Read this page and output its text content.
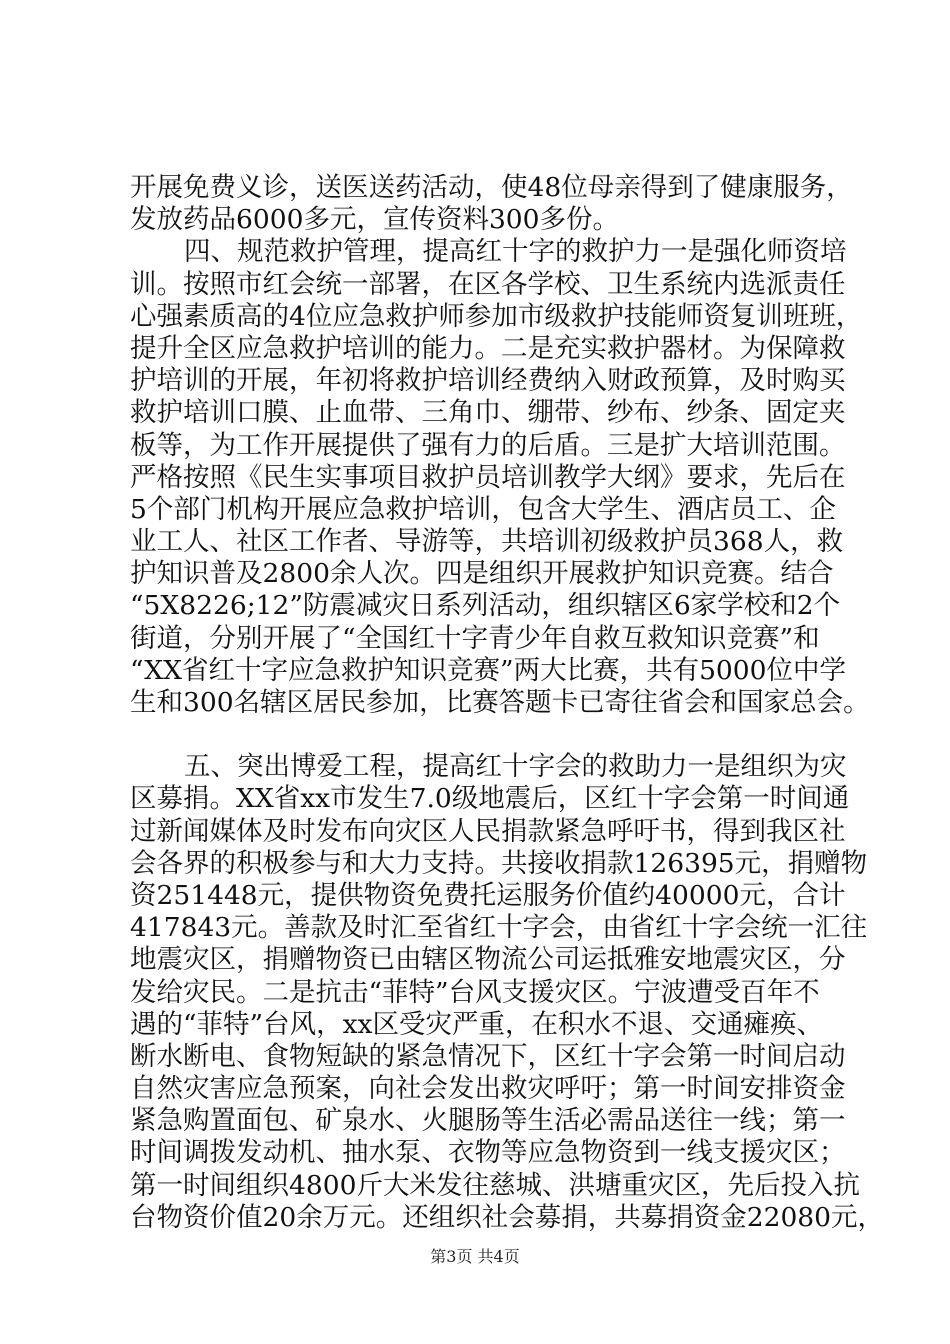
开展免费义诊，送医送药活动，使48位母亲得到了健康服务，
发放药品6000多元，宣传资料300多份。
四、规范救护管理，提高红十字的救护力一是强化师资培
训。按照市红会统一部署，在区各学校、卫生系统内选派责任
心强素质高的4位应急救护师参加市级救护技能师资复训班班，
提升全区应急救护培训的能力。二是充实救护器材。为保障救
护培训的开展，年初将救护培训经费纳入财政预算，及时购买
救护培训口膜、止血带、三角巾、绷带、纱布、纱条、固定夹
板等，为工作开展提供了强有力的后盾。三是扩大培训范围。
严格按照《民生实事项目救护员培训教学大纲》要求，先后在
5个部门机构开展应急救护培训，包含大学生、酒店员工、企
业工人、社区工作者、导游等，共培训初级救护员368人，救
护知识普及2800余人次。四是组织开展救护知识竞赛。结合
“5X8226;12”防震减灾日系列活动，组织辖区6家学校和2个
街道，分别开展了“全国红十字青少年自救互救知识竞赛”和
“XX省红十字应急救护知识竞赛”两大比赛，共有5000位中学
生和300名辖区居民参加，比赛答题卡已寄往省会和国家总会。
五、突出博爱工程，提高红十字会的救助力一是组织为灾
区募捐。XX省xx市发生7.0级地震后，区红十字会第一时间通
过新闻媒体及时发布向灾区人民捐款紧急呼吁书，得到我区社
会各界的积极参与和大力支持。共接收捐款126395元，捐赠物
资251448元，提供物资免费托运服务价值约40000元，合计
417843元。善款及时汇至省红十字会，由省红十字会统一汇往
地震灾区，捐赠物资已由辖区物流公司运抵雅安地震灾区，分
发给灾民。二是抗击“菲特”台风支援灾区。宁波遭受百年不
遇的“菲特”台风，xx区受灾严重，在积水不退、交通瘫痪、
断水断电、食物短缺的紧急情况下，区红十字会第一时间启动
自然灾害应急预案，向社会发出救灾呼吁；第一时间安排资金
紧急购置面包、矿泉水、火腿肠等生活必需品送往一线；第一
时间调拨发动机、抽水泵、衣物等应急物资到一线支援灾区；
第一时间组织4800斤大米发往慈城、洪塘重灾区，先后投入抗
台物资价值20余万元。还组织社会募捐，共募捐资金22080元，
第3页 共4页
